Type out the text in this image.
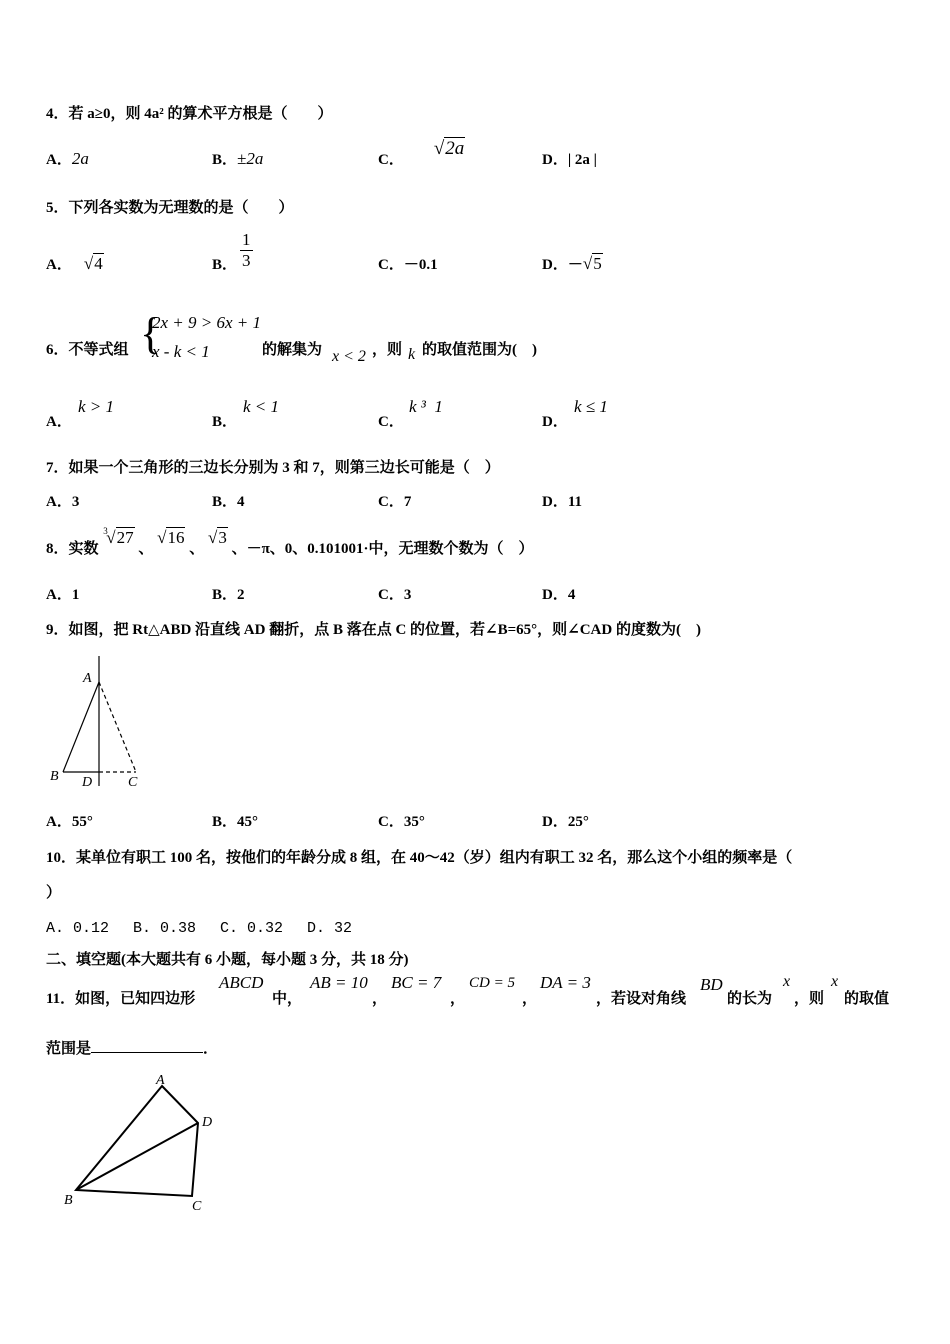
4．若 a≥0，则 4a² 的算术平方根是（　　）
A．2a	B．±2a	C．√2a
D．| 2a |
5．下列各实数为无理数的是（　　）
A． √4	B． $\frac{1}{3}$	C．－0.1	D．－√5
6．不等式组 {
2x + 9 > 6x + 1
x - k < 1	的解集为 x < 2 ，则 k 的取值范围为(　)
A．
k > 1
B．
k < 1
C．
k ³  1
D．
k ≤ 1
7．如果一个三角形的三边长分别为 3 和 7，则第三边长可能是（　）
A．3	B．4	C．7	D．11
8．实数
3
√27 、 √16 、 √3 、－π、0、0.101001·中，无理数个数为（　）
A．1	B．2	C．3	D．4
9．如图，把 Rt△ABD 沿直线 AD 翻折，点 B 落在点 C 的位置，若∠B=65°，则∠CAD 的度数为(　)
A
B D	C
A．55°	B．45°	C．35°	D．25°
10．某单位有职工 100 名，按他们的年龄分成 8 组，在 40～42（岁）组内有职工 32 名，那么这个小组的频率是（
）
A. 0.12　 B. 0.38　 C. 0.32　 D. 32
二、填空题(本大题共有 6 小题，每小题 3 分，共 18 分)
11．如图，已知四边形
ABCD
中，
AB = 10
，
BC = 7
，
CD = 5
，
DA = 3
，若设对角线
BD
的长为
x
，则
x
的取值
范围是	．
A
D
C
B
